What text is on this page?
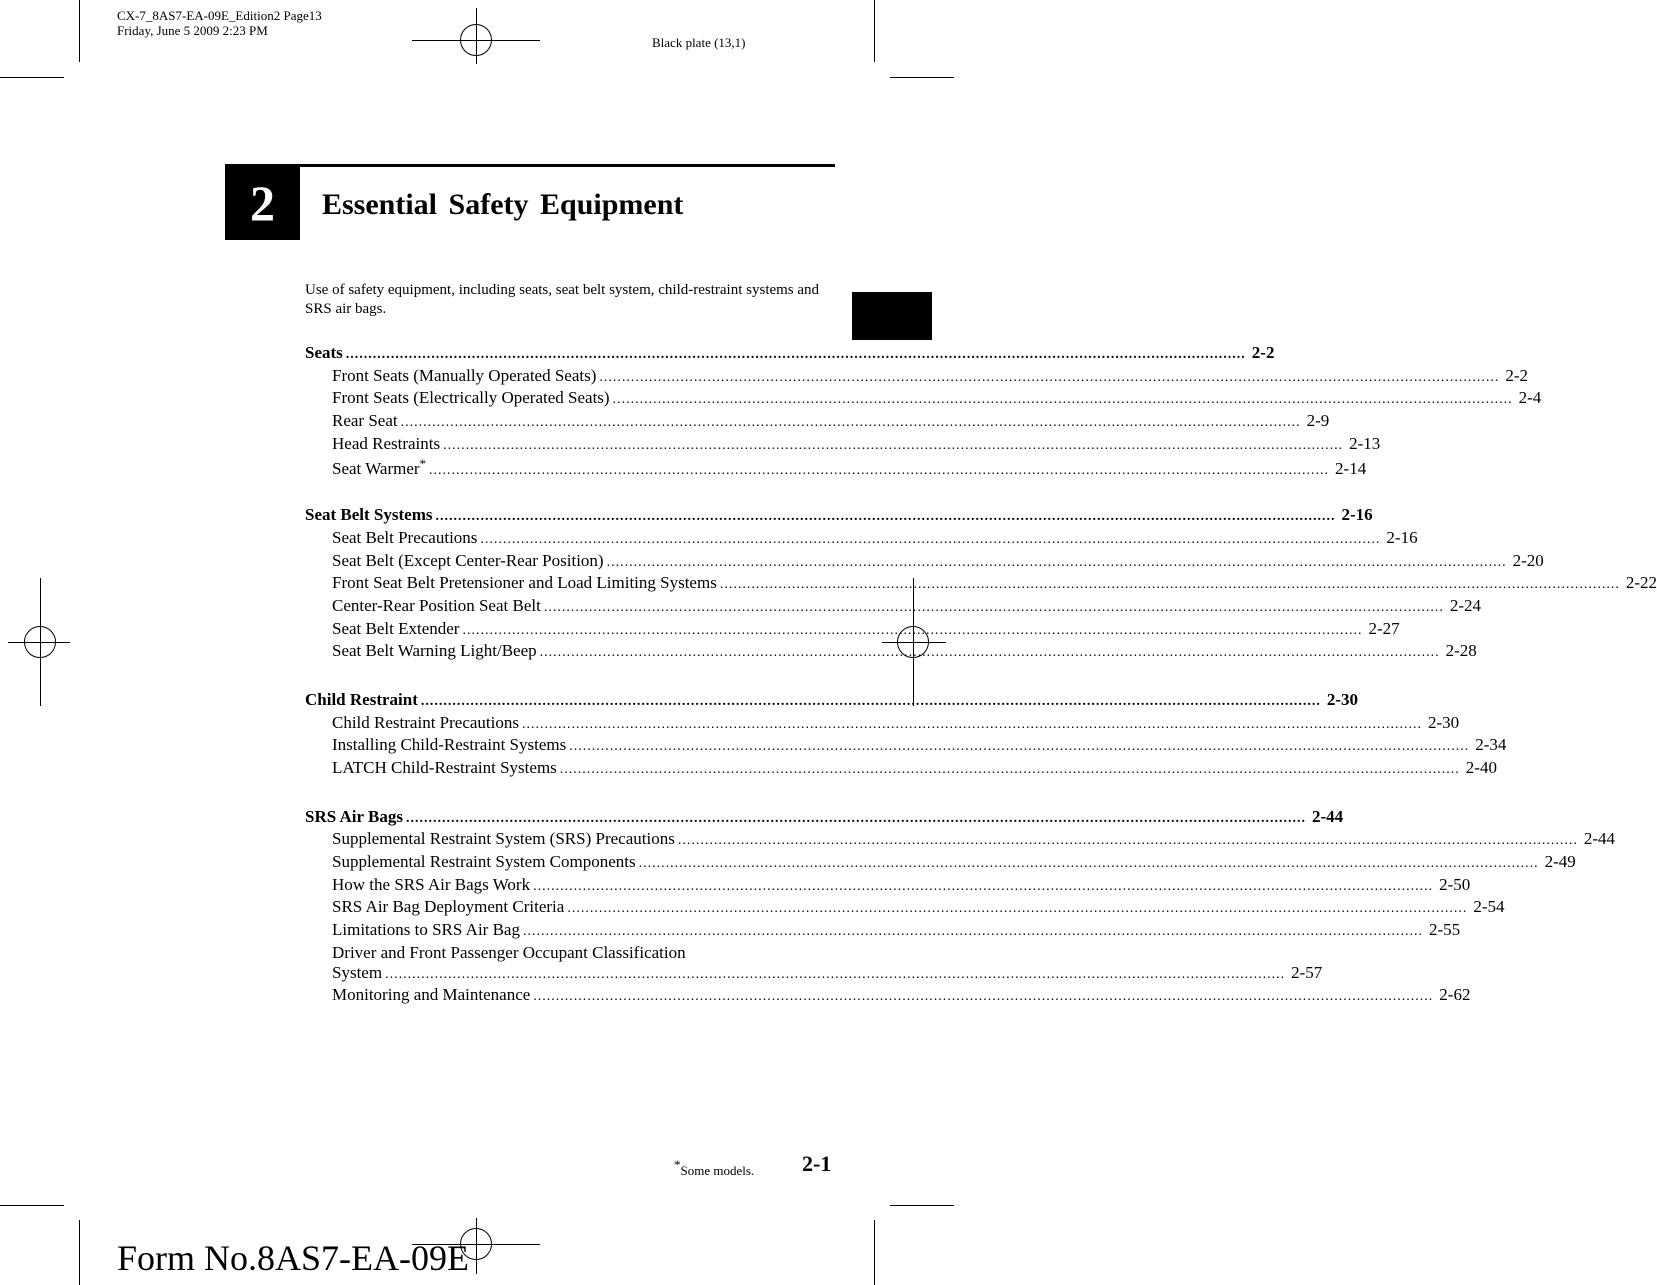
CX-7_8AS7-EA-09E_Edition2 Page13
Friday, June 5 2009 2:23 PM
Black plate (13,1)
2	Essential Safety Equipment
Use of safety equipment, including seats, seat belt system, child-restraint systems and SRS air bags.
Seats ........................................................................................................................................................................................................ 2-2
Front Seats (Manually Operated Seats) ........................................................................................................................................................................................................ 2-2
Front Seats (Electrically Operated Seats) ........................................................................................................................................................................................................ 2-4
Rear Seat ........................................................................................................................................................................................................ 2-9
Head Restraints ........................................................................................................................................................................................................ 2-13
Seat Warmer* ........................................................................................................................................................................................................ 2-14
Seat Belt Systems ........................................................................................................................................................................................................ 2-16
Seat Belt Precautions ........................................................................................................................................................................................................ 2-16
Seat Belt (Except Center-Rear Position) ........................................................................................................................................................................................................ 2-20
Front Seat Belt Pretensioner and Load Limiting Systems ........................................................................................................................................................................................................ 2-22
Center-Rear Position Seat Belt ........................................................................................................................................................................................................ 2-24
Seat Belt Extender ........................................................................................................................................................................................................ 2-27
Seat Belt Warning Light/Beep ........................................................................................................................................................................................................ 2-28
Child Restraint ........................................................................................................................................................................................................ 2-30
Child Restraint Precautions ........................................................................................................................................................................................................ 2-30
Installing Child-Restraint Systems ........................................................................................................................................................................................................ 2-34
LATCH Child-Restraint Systems ........................................................................................................................................................................................................ 2-40
SRS Air Bags ........................................................................................................................................................................................................ 2-44
Supplemental Restraint System (SRS) Precautions ........................................................................................................................................................................................................ 2-44
Supplemental Restraint System Components ........................................................................................................................................................................................................ 2-49
How the SRS Air Bags Work ........................................................................................................................................................................................................ 2-50
SRS Air Bag Deployment Criteria ........................................................................................................................................................................................................ 2-54
Limitations to SRS Air Bag ........................................................................................................................................................................................................ 2-55
Driver and Front Passenger Occupant Classification
System ........................................................................................................................................................................................................ 2-57
Monitoring and Maintenance ........................................................................................................................................................................................................ 2-62
*Some models. 2-1
Form No.8AS7-EA-09E
